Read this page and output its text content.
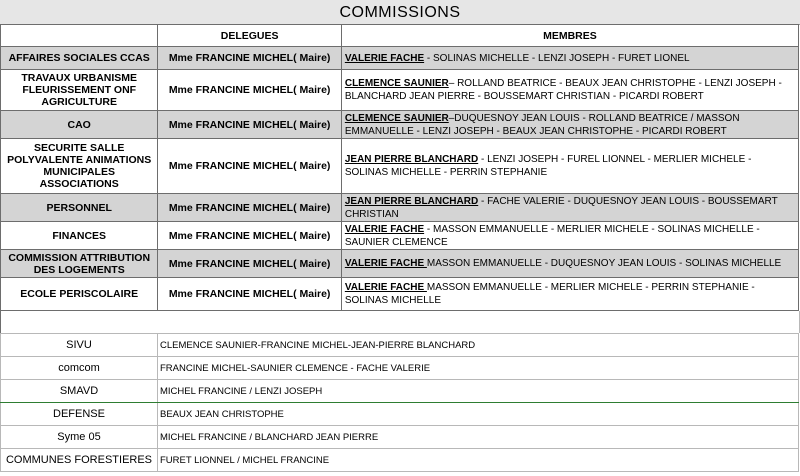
COMMISSIONS
	DELEGUES	MEMBRES
AFFAIRES SOCIALES CCAS	Mme FRANCINE MICHEL( Maire)	VALERIE FACHE - SOLINAS MICHELLE - LENZI JOSEPH - FURET LIONEL
TRAVAUX URBANISME FLEURISSEMENT ONF AGRICULTURE	Mme FRANCINE MICHEL( Maire)	CLEMENCE SAUNIER– ROLLAND BEATRICE - BEAUX JEAN CHRISTOPHE - LENZI JOSEPH - BLANCHARD JEAN PIERRE - BOUSSEMART CHRISTIAN - PICARDI ROBERT
CAO	Mme FRANCINE MICHEL( Maire)	CLEMENCE SAUNIER–DUQUESNOY JEAN LOUIS - ROLLAND BEATRICE / MASSON EMMANUELLE - LENZI JOSEPH - BEAUX JEAN CHRISTOPHE - PICARDI ROBERT
SECURITE SALLE POLYVALENTE ANIMATIONS MUNICIPALES ASSOCIATIONS	Mme FRANCINE MICHEL( Maire)	JEAN PIERRE BLANCHARD - LENZI JOSEPH - FUREL LIONNEL - MERLIER MICHELE - SOLINAS MICHELLE - PERRIN STEPHANIE
PERSONNEL	Mme FRANCINE MICHEL( Maire)	JEAN PIERRE BLANCHARD - FACHE VALERIE - DUQUESNOY JEAN LOUIS - BOUSSEMART CHRISTIAN
FINANCES	Mme FRANCINE MICHEL( Maire)	VALERIE FACHE - MASSON EMMANUELLE - MERLIER MICHELE - SOLINAS MICHELLE - SAUNIER CLEMENCE
COMMISSION ATTRIBUTION DES LOGEMENTS	Mme FRANCINE MICHEL( Maire)	VALERIE FACHE MASSON EMMANUELLE - DUQUESNOY JEAN LOUIS - SOLINAS MICHELLE
ECOLE PERISCOLAIRE	Mme FRANCINE MICHEL( Maire)	VALERIE FACHE MASSON EMMANUELLE - MERLIER MICHELE - PERRIN STEPHANIE - SOLINAS MICHELLE
SIVU	CLEMENCE SAUNIER-FRANCINE MICHEL-JEAN-PIERRE BLANCHARD
comcom	FRANCINE MICHEL-SAUNIER CLEMENCE - FACHE VALERIE
SMAVD	MICHEL FRANCINE / LENZI JOSEPH
DEFENSE	BEAUX JEAN CHRISTOPHE
Syme 05	MICHEL FRANCINE / BLANCHARD JEAN PIERRE
COMMUNES FORESTIERES	FURET LIONNEL / MICHEL FRANCINE
